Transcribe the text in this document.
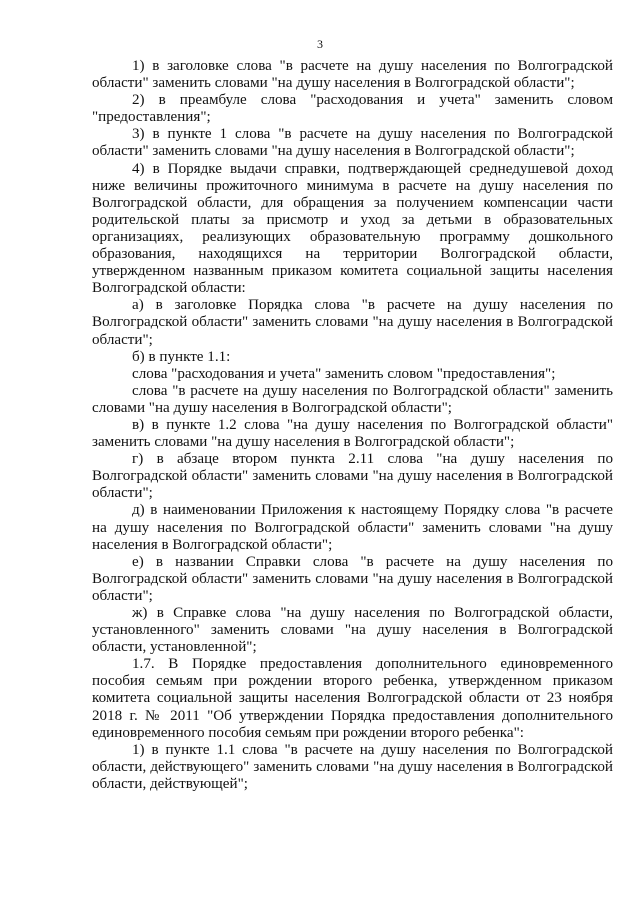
3

1) в заголовке слова "в расчете на душу населения по Волгоградской области" заменить словами "на душу населения в Волгоградской области";

2) в преамбуле слова "расходования и учета" заменить словом "предоставления";

3) в пункте 1 слова "в расчете на душу населения по Волгоградской области" заменить словами "на душу населения в Волгоградской области";

4) в Порядке выдачи справки, подтверждающей среднедушевой доход ниже величины прожиточного минимума в расчете на душу населения по Волгоградской области, для обращения за получением компенсации части родительской платы за присмотр и уход за детьми в образовательных организациях, реализующих образовательную программу дошкольного образования, находящихся на территории Волгоградской области, утвержденном названным приказом комитета социальной защиты населения Волгоградской области:

а) в заголовке Порядка слова "в расчете на душу населения по Волгоградской области" заменить словами "на душу населения в Волгоградской области";

б) в пункте 1.1:

слова "расходования и учета" заменить словом "предоставления";

слова "в расчете на душу населения по Волгоградской области" заменить словами "на душу населения в Волгоградской области";

в) в пункте 1.2 слова "на душу населения по Волгоградской области" заменить словами "на душу населения в Волгоградской области";

г) в абзаце втором пункта 2.11 слова "на душу населения по Волгоградской области" заменить словами "на душу населения в Волгоградской области";

д) в наименовании Приложения к настоящему Порядку слова "в расчете на душу населения по Волгоградской области" заменить словами "на душу населения в Волгоградской области";

е) в названии Справки слова "в расчете на душу населения по Волгоградской области" заменить словами "на душу населения в Волгоградской области";

ж) в Справке слова "на душу населения по Волгоградской области, установленного" заменить словами "на душу населения в Волгоградской области, установленной";

1.7. В Порядке предоставления дополнительного единовременного пособия семьям при рождении второго ребенка, утвержденном приказом комитета социальной защиты населения Волгоградской области от 23 ноября 2018 г. № 2011 "Об утверждении Порядка предоставления дополнительного единовременного пособия семьям при рождении второго ребенка":

1) в пункте 1.1 слова "в расчете на душу населения по Волгоградской области, действующего" заменить словами "на душу населения в Волгоградской области, действующей";
